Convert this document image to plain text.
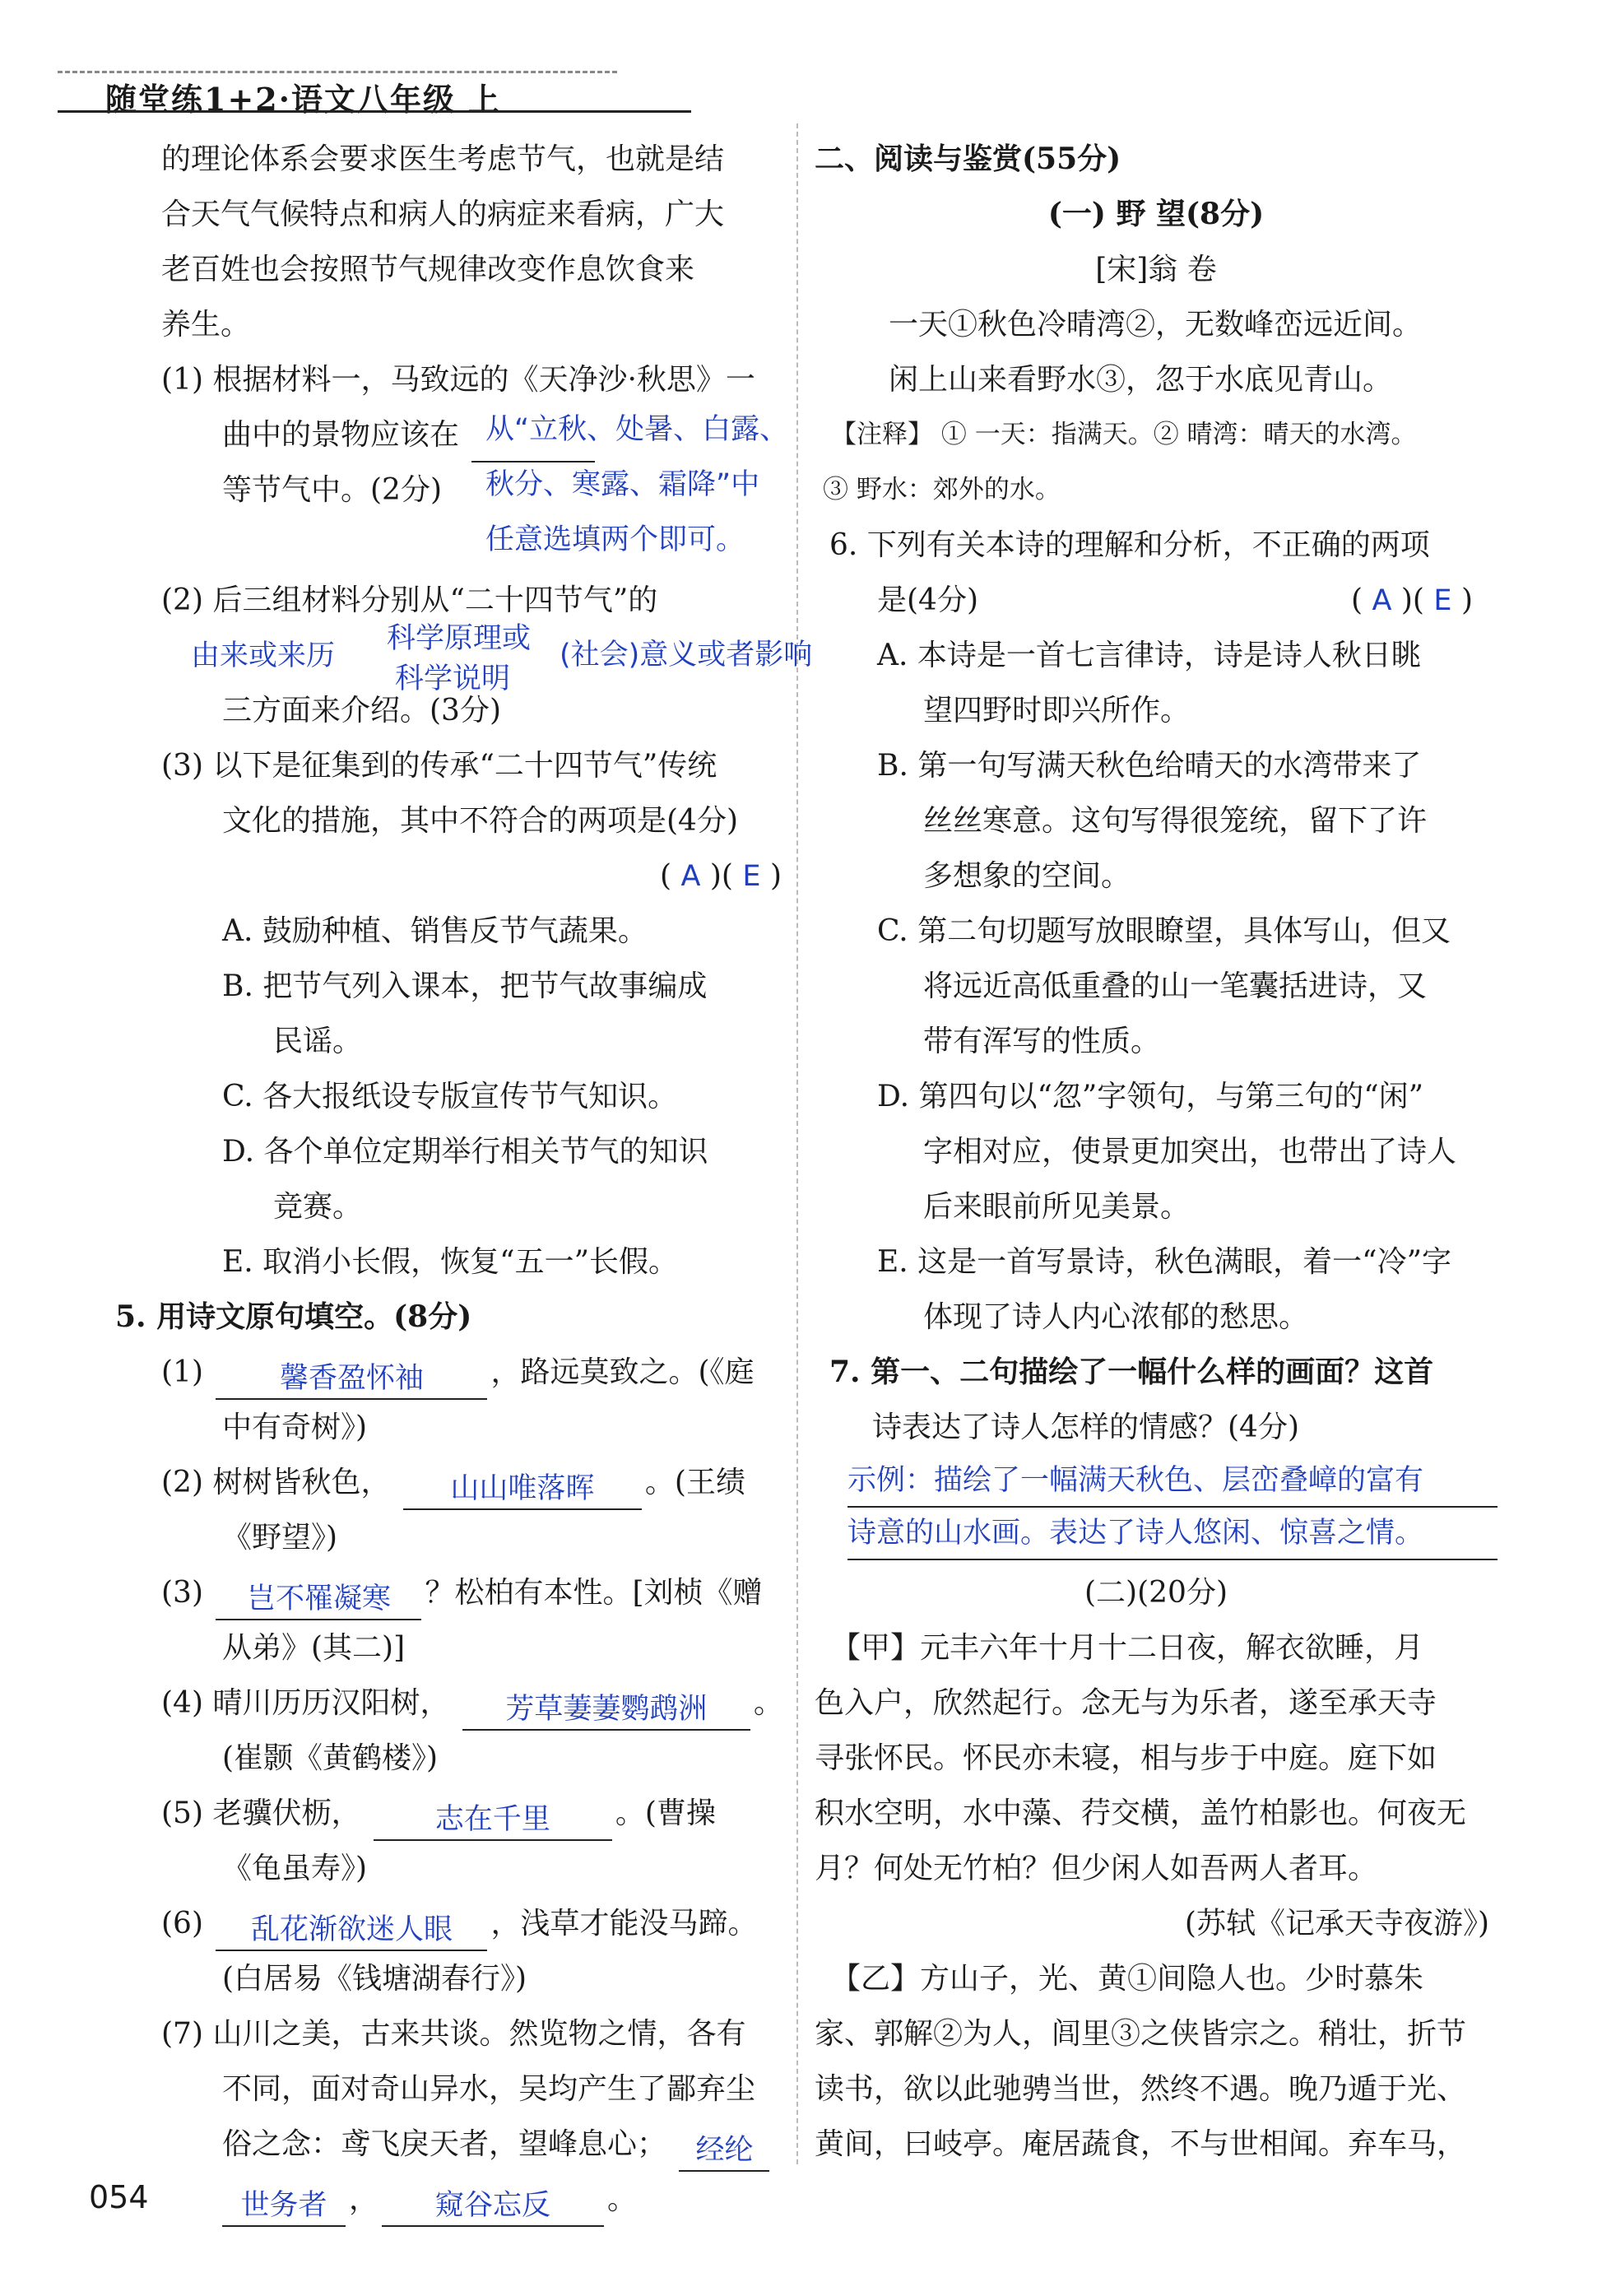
随堂练1+2·语文八年级 上
的理论体系会要求医生考虑节气，也就是结
合天气气候特点和病人的病症来看病，广大
老百姓也会按照节气规律改变作息饮食来
养生。
(1) 根据材料一，马致远的《天净沙·秋思》一
曲中的景物应该在 从“立秋、处暑、白露、
等节气中。(2分) 秋分、寒露、霜降”中
任意选填两个即可。
(2) 后三组材料分别从“二十四节气”的
由来或来历
科学原理或 (社会)意义或者影响
三方面来介绍。(3分)
科学说明
(3) 以下是征集到的传承“二十四节气”传统
文化的措施，其中不符合的两项是(4分)
( A )( E )
A. 鼓励种植、销售反节气蔬果。
B. 把节气列入课本，把节气故事编成
民谣。
C. 各大报纸设专版宣传节气知识。
D. 各个单位定期举行相关节气的知识
竞赛。
E. 取消小长假，恢复“五一”长假。
5. 用诗文原句填空。(8分)
(1)	馨香盈怀袖 ，路远莫致之。(《庭
中有奇树》)
(2) 树树皆秋色， 山山唯落晖 。(王绩
《野望》)
(3) 岂不罹凝寒 ？松柏有本性。[刘桢《赠
从弟》(其二)]
(4) 晴川历历汉阳树， 芳草萋萋鹦鹉洲 。
(崔颢《黄鹤楼》)
(5) 老骥伏枥，	志在千里 。(曹操
《龟虽寿》)
(6) 乱花渐欲迷人眼 ，浅草才能没马蹄。
(白居易《钱塘湖春行》)
(7) 山川之美，古来共谈。然览物之情，各有
不同，面对奇山异水，吴均产生了鄙弃尘
俗之念：鸢飞戾天者，望峰息心； 经纶
世务者 ， 窥谷忘反 。
二、阅读与鉴赏(55分)
(一) 野 望(8分)
[宋]翁 卷
一天①秋色冷晴湾②，无数峰峦远近间。
闲上山来看野水③，忽于水底见青山。
【注释】 ① 一天：指满天。② 晴湾：晴天的水湾。
③ 野水：郊外的水。
6. 下列有关本诗的理解和分析，不正确的两项
是(4分)	( A )( E )
A. 本诗是一首七言律诗，诗是诗人秋日眺
望四野时即兴所作。
B. 第一句写满天秋色给晴天的水湾带来了
丝丝寒意。这句写得很笼统，留下了许
多想象的空间。
C. 第二句切题写放眼瞭望，具体写山，但又
将远近高低重叠的山一笔囊括进诗，又
带有浑写的性质。
D. 第四句以“忽”字领句，与第三句的“闲”
字相对应，使景更加突出，也带出了诗人
后来眼前所见美景。
E. 这是一首写景诗，秋色满眼，着一“冷”字
体现了诗人内心浓郁的愁思。
7. 第一、二句描绘了一幅什么样的画面？这首
诗表达了诗人怎样的情感？(4分)
示例：描绘了一幅满天秋色、层峦叠嶂的富有
诗意的山水画。表达了诗人悠闲、惊喜之情。
(二)(20分)
【甲】元丰六年十月十二日夜，解衣欲睡，月
色入户，欣然起行。念无与为乐者，遂至承天寺
寻张怀民。怀民亦未寝，相与步于中庭。庭下如
积水空明，水中藻、荇交横，盖竹柏影也。何夜无
月？何处无竹柏？但少闲人如吾两人者耳。
(苏轼《记承天寺夜游》)
【乙】方山子，光、黄①间隐人也。少时慕朱
家、郭解②为人，闾里③之侠皆宗之。稍壮，折节
读书，欲以此驰骋当世，然终不遇。晚乃遁于光、
黄间，曰岐亭。庵居蔬食，不与世相闻。弃车马，
054
